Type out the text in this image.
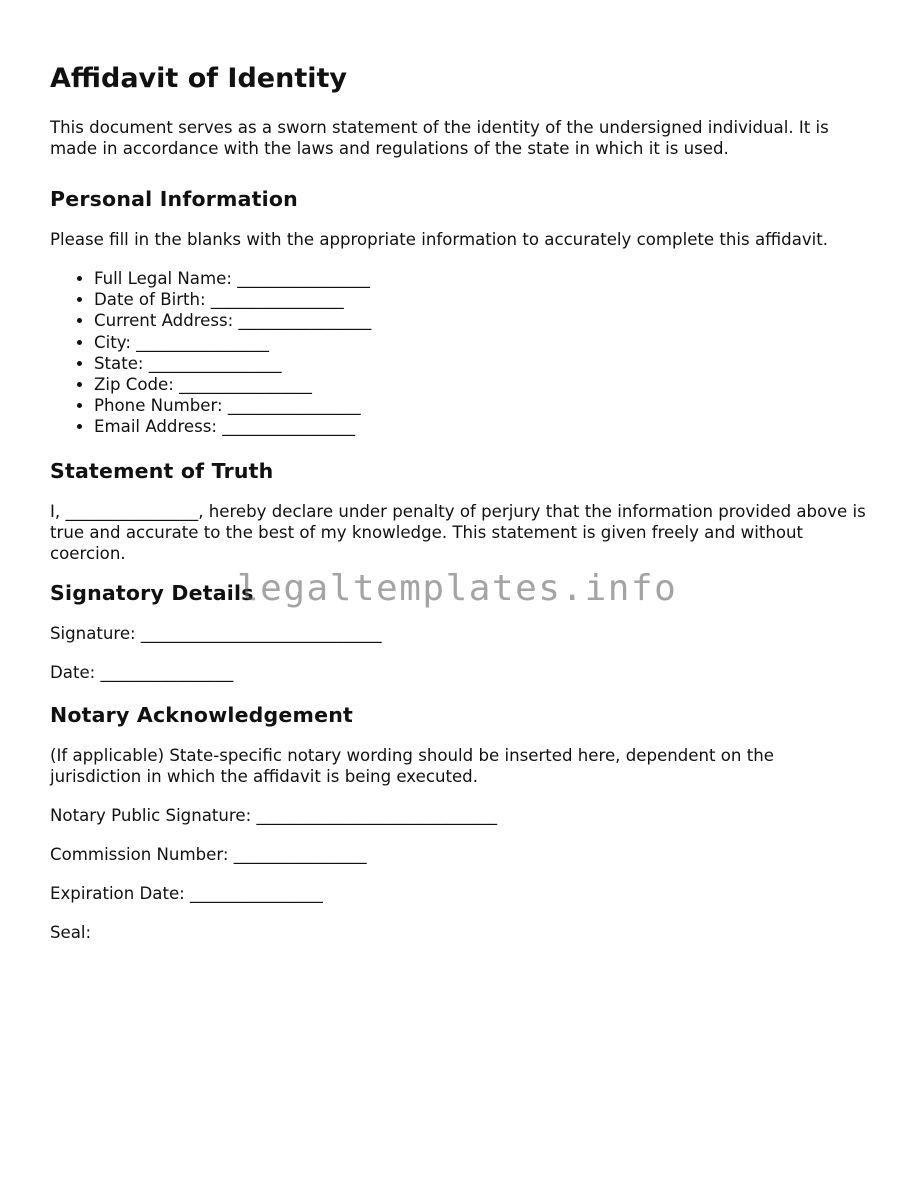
Affidavit of Identity

This document serves as a sworn statement of the identity of the undersigned individual. It is made in accordance with the laws and regulations of the state in which it is used.

Personal Information

Please fill in the blanks with the appropriate information to accurately complete this affidavit.

• Full Legal Name: ________________
• Date of Birth: ________________
• Current Address: ________________
• City: ________________
• State: ________________
• Zip Code: ________________
• Phone Number: ________________
• Email Address: ________________
Statement of Truth

I, ________________, hereby declare under penalty of perjury that the information provided above is true and accurate to the best of my knowledge. This statement is given freely and without coercion.

Signatory Details

Signature: _____________________________

Date: ________________

Notary Acknowledgement

(If applicable) State-specific notary wording should be inserted here, dependent on the jurisdiction in which the affidavit is being executed.

Notary Public Signature: _____________________________

Commission Number: ________________

Expiration Date: ________________

Seal:

legaltemplates.info
